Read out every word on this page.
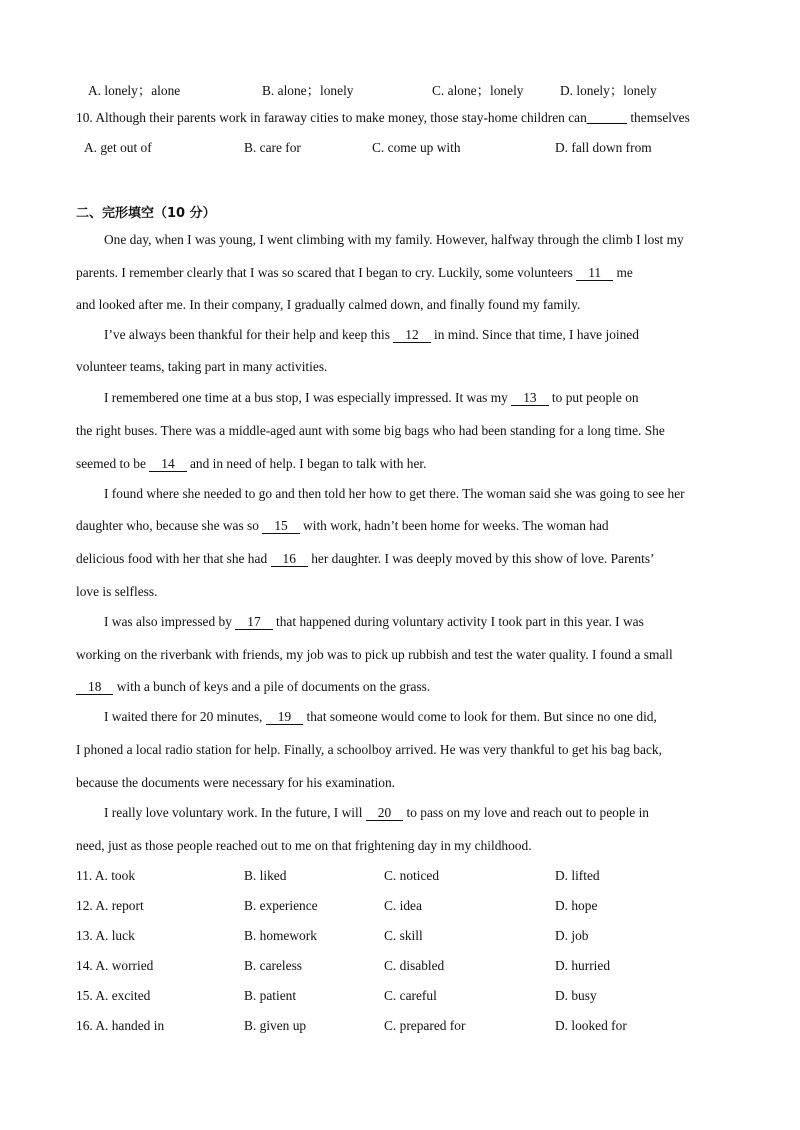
A. lonely；alone	B. alone；lonely	C. alone；lonely	D. lonely；lonely
10. Although their parents work in faraway cities to make money, those stay-home children can______ themselves
A. get out of	B. care for	C. come up with	D. fall down from
二、完形填空（10 分）
One day, when I was young, I went climbing with my family. However, halfway through the climb I lost my
parents. I remember clearly that I was so scared that I began to cry. Luckily, some volunteers 11 me
and looked after me. In their company, I gradually calmed down, and finally found my family.
I’ve always been thankful for their help and keep this 12 in mind. Since that time, I have joined
volunteer teams, taking part in many activities.
I remembered one time at a bus stop, I was especially impressed. It was my 13 to put people on
the right buses. There was a middle-aged aunt with some big bags who had been standing for a long time. She
seemed to be 14 and in need of help. I began to talk with her.
I found where she needed to go and then told her how to get there. The woman said she was going to see her
daughter who, because she was so 15 with work, hadn’t been home for weeks. The woman had
delicious food with her that she had 16 her daughter. I was deeply moved by this show of love. Parents’
love is selfless.
I was also impressed by 17 that happened during voluntary activity I took part in this year. I was
working on the riverbank with friends, my job was to pick up rubbish and test the water quality. I found a small
18 with a bunch of keys and a pile of documents on the grass.
I waited there for 20 minutes, 19 that someone would come to look for them. But since no one did,
I phoned a local radio station for help. Finally, a schoolboy arrived. He was very thankful to get his bag back,
because the documents were necessary for his examination.
I really love voluntary work. In the future, I will 20 to pass on my love and reach out to people in
need, just as those people reached out to me on that frightening day in my childhood.
11. A. took	B. liked	C. noticed	D. lifted
12. A. report	B. experience	C. idea	D. hope
13. A. luck	B. homework	C. skill	D. job
14. A. worried	B. careless	C. disabled	D. hurried
15. A. excited	B. patient	C. careful	D. busy
16. A. handed in	B. given up	C. prepared for	D. looked for
